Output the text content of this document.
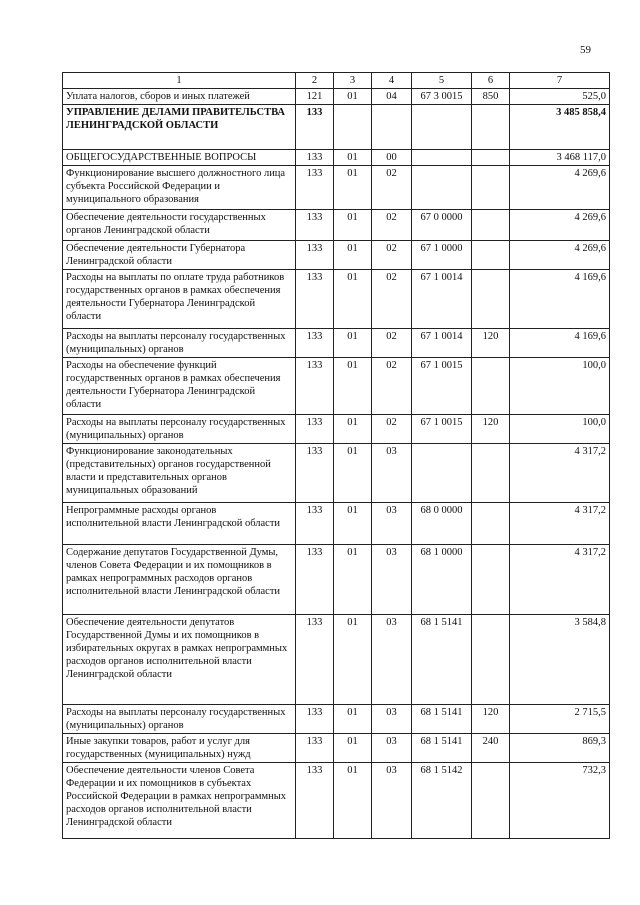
59
1	2	3	4	5	6	7
Уплата налогов, сборов и иных платежей	121	01	04	67 3 0015	850	525,0
УПРАВЛЕНИЕ ДЕЛАМИ ПРАВИТЕЛЬСТВА ЛЕНИНГРАДСКОЙ ОБЛАСТИ	133					3 485 858,4
ОБЩЕГОСУДАРСТВЕННЫЕ ВОПРОСЫ	133	01	00			3 468 117,0
Функционирование высшего должностного лица субъекта Российской Федерации и муниципального образования	133	01	02			4 269,6
Обеспечение деятельности государственных органов Ленинградской области	133	01	02	67 0 0000		4 269,6
Обеспечение деятельности Губернатора Ленинградской области	133	01	02	67 1 0000		4 269,6
Расходы на выплаты по оплате труда работников государственных органов в рамках обеспечения деятельности Губернатора Ленинградской области	133	01	02	67 1 0014		4 169,6
Расходы на выплаты персоналу государственных (муниципальных) органов	133	01	02	67 1 0014	120	4 169,6
Расходы на обеспечение функций государственных органов в рамках обеспечения деятельности Губернатора Ленинградской области	133	01	02	67 1 0015		100,0
Расходы на выплаты персоналу государственных (муниципальных) органов	133	01	02	67 1 0015	120	100,0
Функционирование законодательных (представительных) органов государственной власти и представительных органов муниципальных образований	133	01	03			4 317,2
Непрограммные расходы органов исполнительной власти Ленинградской области	133	01	03	68 0 0000		4 317,2
Содержание депутатов Государственной Думы, членов Совета Федерации и их помощников в рамках непрограммных расходов органов исполнительной власти Ленинградской области	133	01	03	68 1 0000		4 317,2
Обеспечение деятельности депутатов Государственной Думы и их помощников в избирательных округах в рамках непрограммных расходов органов исполнительной власти Ленинградской области	133	01	03	68 1 5141		3 584,8
Расходы на выплаты персоналу государственных (муниципальных) органов	133	01	03	68 1 5141	120	2 715,5
Иные закупки товаров, работ и услуг для государственных (муниципальных) нужд	133	01	03	68 1 5141	240	869,3
Обеспечение деятельности членов Совета Федерации и их помощников в субъектах Российской Федерации в рамках непрограммных расходов органов исполнительной власти Ленинградской области	133	01	03	68 1 5142		732,3
